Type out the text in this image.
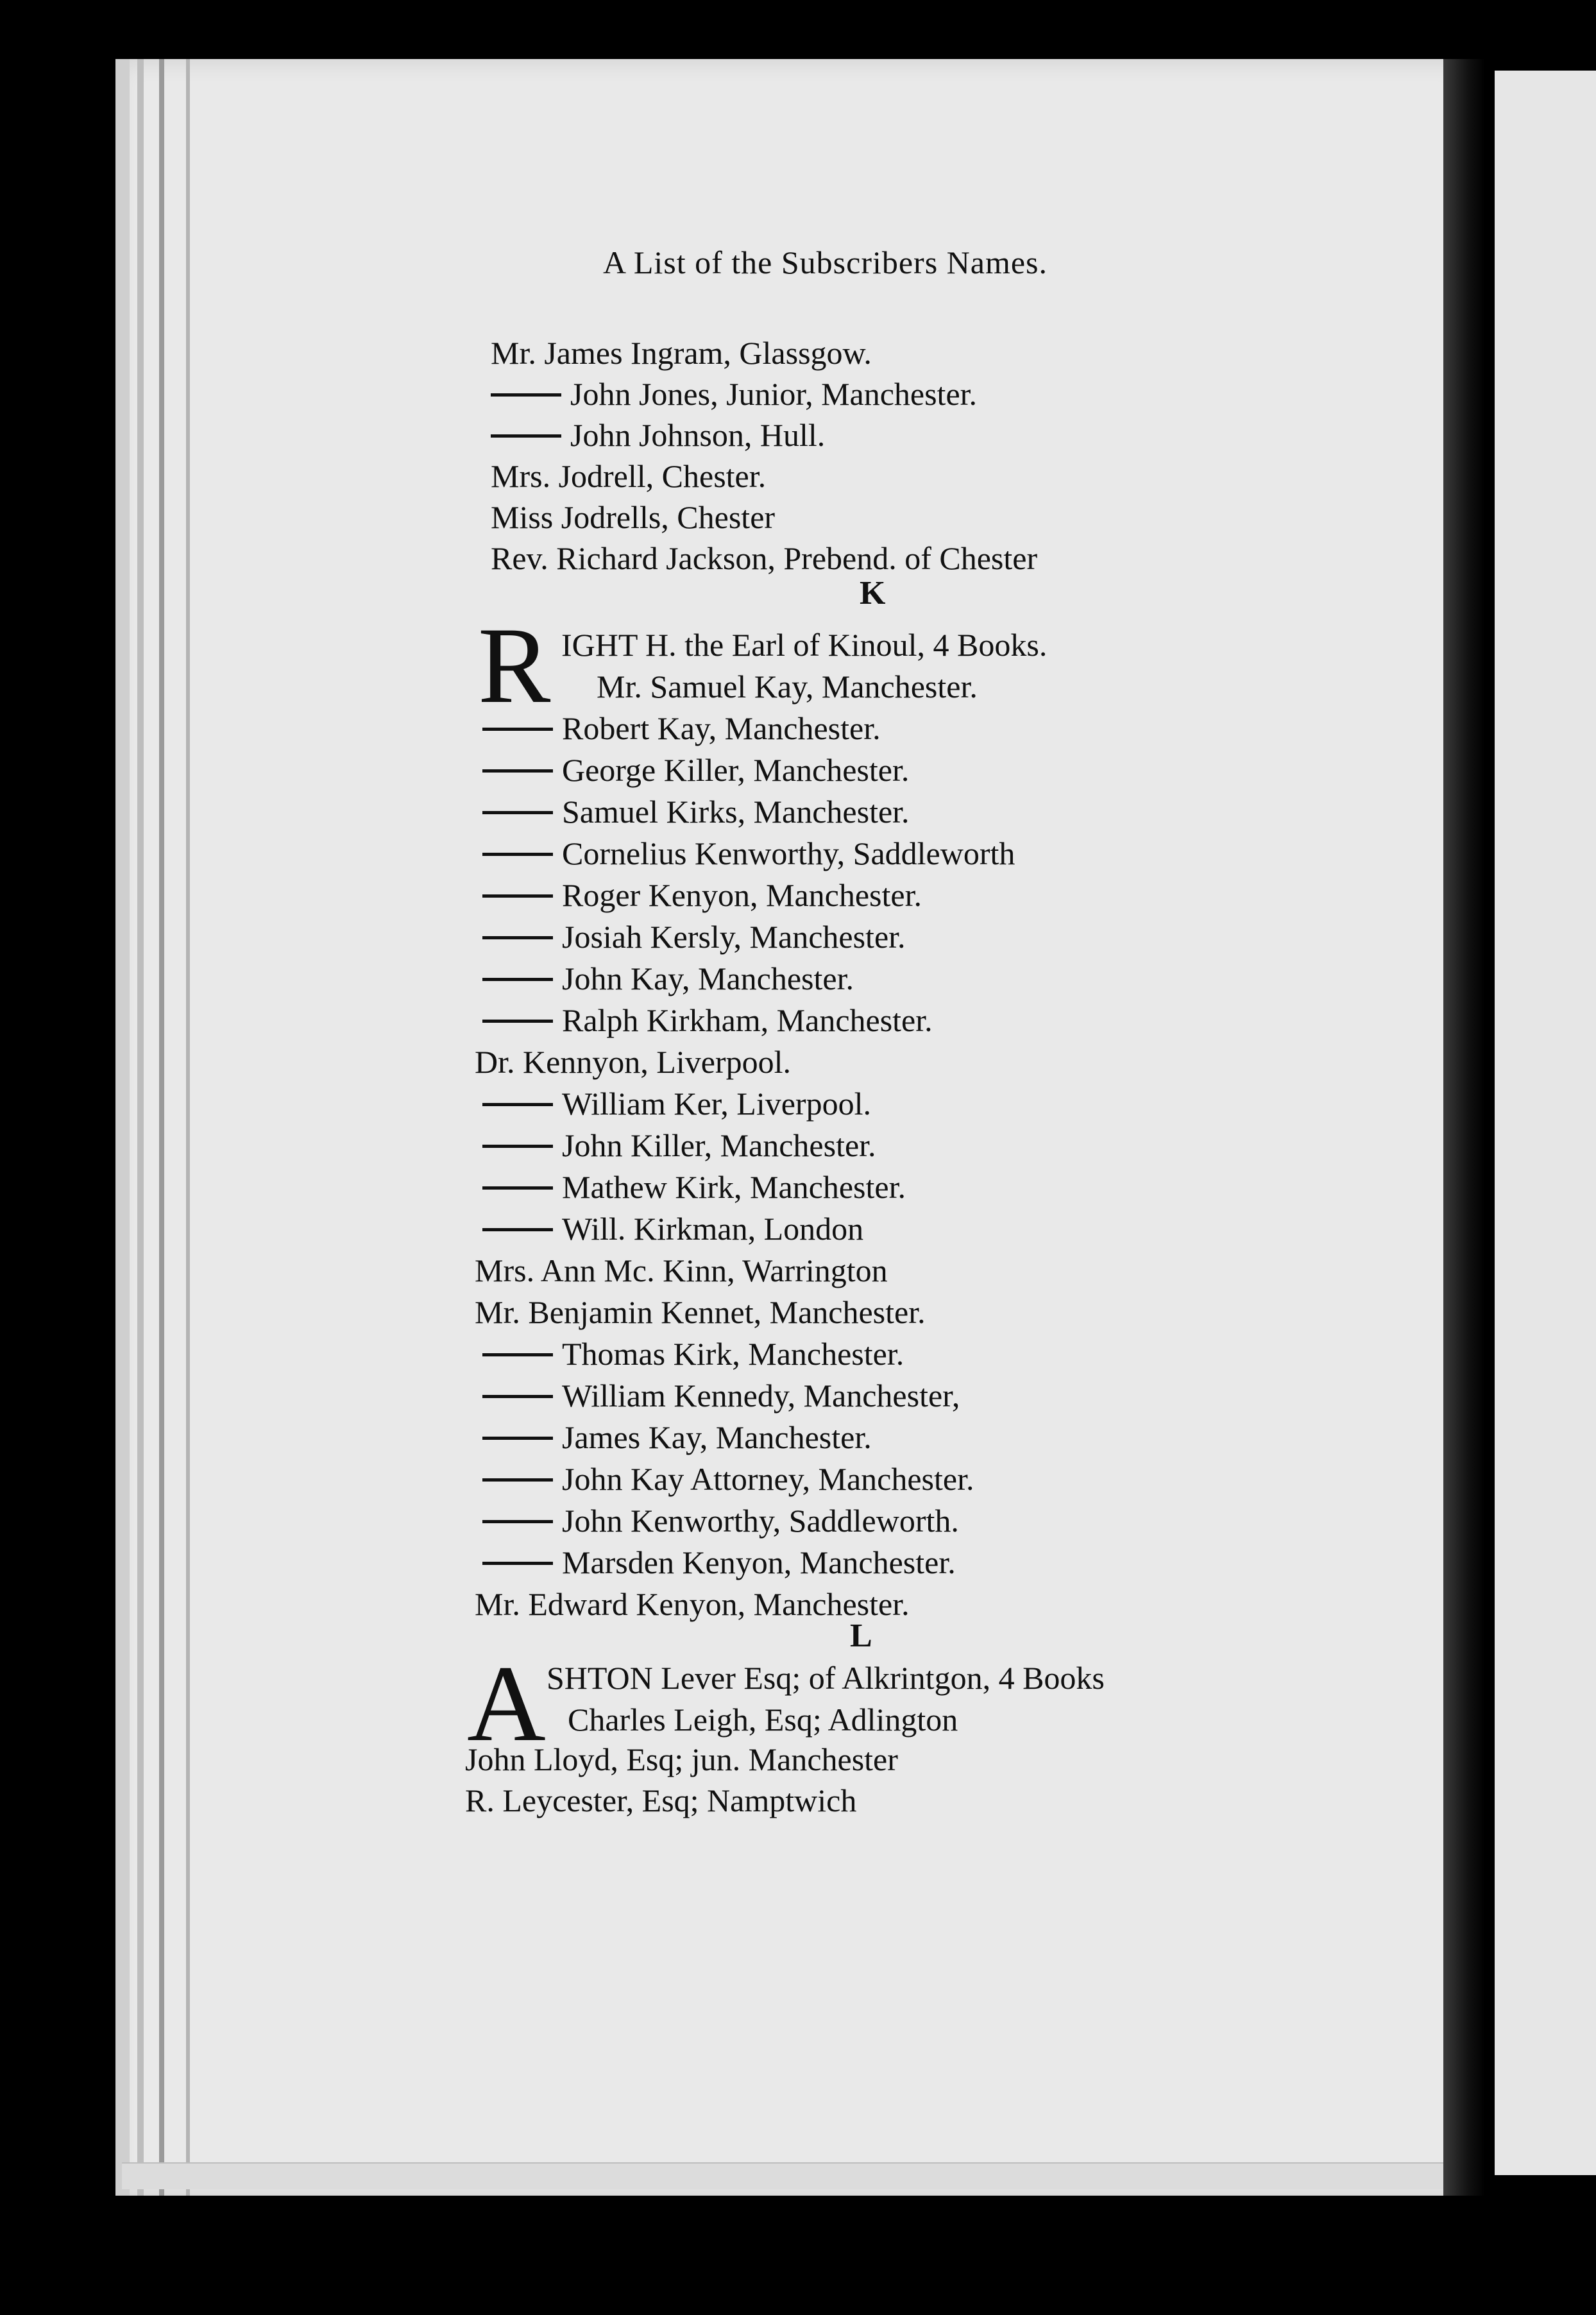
A List of the Subscribers Names.
Mr. James Ingram, Glassgow.
John Jones, Junior, Manchester.
John Johnson, Hull.
Mrs. Jodrell, Chester.
Miss Jodrells, Chester
Rev. Richard Jackson, Prebend. of Chester
K
R IGHT H. the Earl of Kinoul, 4 Books.
Mr. Samuel Kay, Manchester.
Robert Kay, Manchester.
George Killer, Manchester.
Samuel Kirks, Manchester.
Cornelius Kenworthy, Saddleworth
Roger Kenyon, Manchester.
Josiah Kersly, Manchester.
John Kay, Manchester.
Ralph Kirkham, Manchester.
Dr. Kennyon, Liverpool.
William Ker, Liverpool.
John Killer, Manchester.
Mathew Kirk, Manchester.
Will. Kirkman, London
Mrs. Ann Mc. Kinn, Warrington
Mr. Benjamin Kennet, Manchester.
Thomas Kirk, Manchester.
William Kennedy, Manchester,
James Kay, Manchester.
John Kay Attorney, Manchester.
John Kenworthy, Saddleworth.
Marsden Kenyon, Manchester.
Mr. Edward Kenyon, Manchester.
L
A SHTON Lever Esq; of Alkrintgon, 4 Books
Charles Leigh, Esq; Adlington
John Lloyd, Esq; jun. Manchester
R. Leycester, Esq; Namptwich
